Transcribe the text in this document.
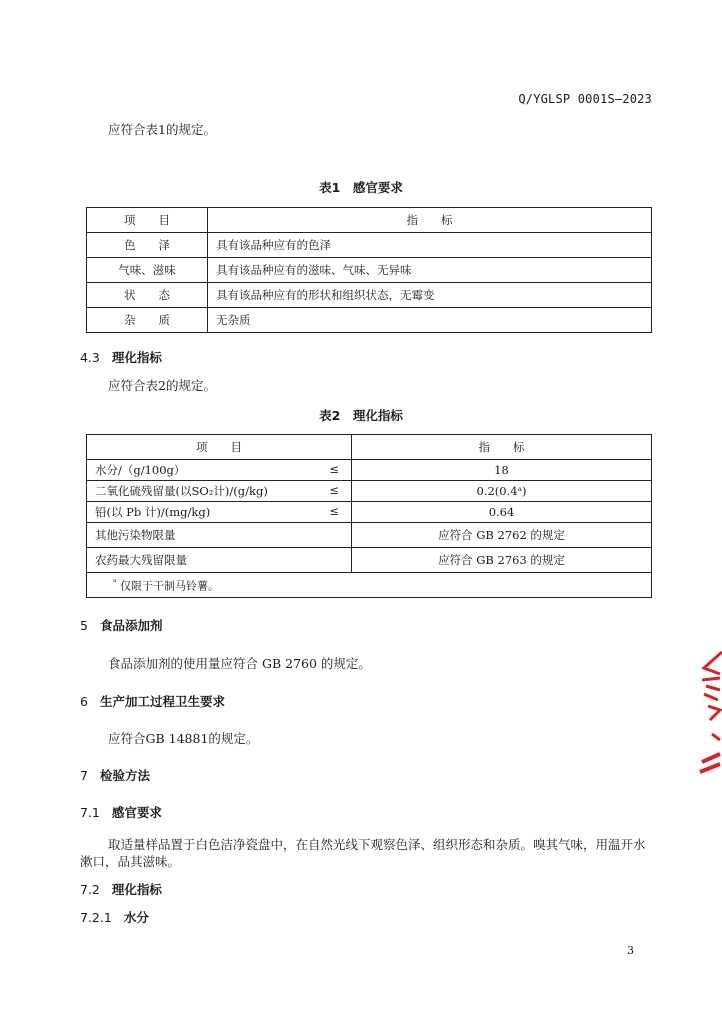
Q/YGLSP 0001S—2023
应符合表1的规定。
表1　感官要求
项　　目	指　　标
色　　泽	具有该品种应有的色泽
气味、滋味	具有该品种应有的滋味、气味、无异味
状　　态	具有该品种应有的形状和组织状态，无霉变
杂　　质	无杂质
4.3 理化指标
应符合表2的规定。
表2　理化指标
项　　目	指　　标
水分/（g/100g） ≤	18
二氧化硫残留量(以SO₂计)/(g/kg) ≤	0.2(0.4ᵃ)
铅(以 Pb 计)/(mg/kg) ≤	0.64
其他污染物限量	应符合 GB 2762 的规定
农药最大残留限量	应符合 GB 2763 的规定
$^ᵃ$ 仅限于干制马铃薯。	
5 食品添加剂
食品添加剂的使用量应符合 GB 2760 的规定。
6 生产加工过程卫生要求
应符合GB 14881的规定。
7 检验方法
7.1 感官要求
取适量样品置于白色洁净瓷盘中，在自然光线下观察色泽、组织形态和杂质。嗅其气味，用温开水
漱口，品其滋味。
7.2 理化指标
7.2.1 水分
3
